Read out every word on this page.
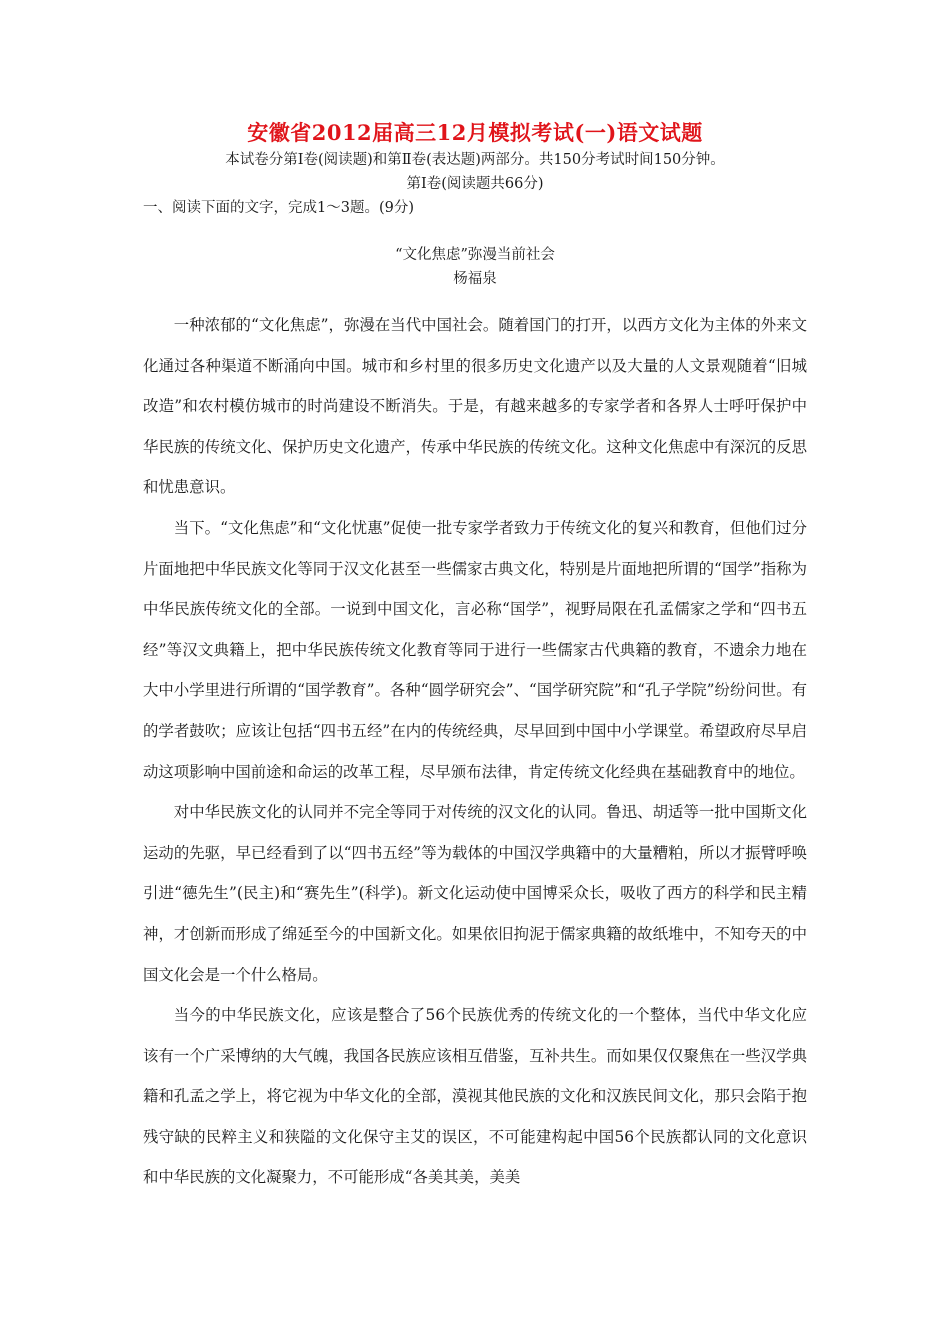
安徽省2012届高三12月模拟考试(一)语文试题

本试卷分第Ⅰ卷(阅读题)和第Ⅱ卷(表达题)两部分。共150分考试时间150分钟。

第Ⅰ卷(阅读题共66分)

一、阅读下面的文字，完成1～3题。(9分)

“文化焦虑”弥漫当前社会

杨福泉

一种浓郁的“文化焦虑”，弥漫在当代中国社会。随着国门的打开，以西方文化为主体的外来文化通过各种渠道不断涌向中国。城市和乡村里的很多历史文化遗产以及大量的人文景观随着“旧城改造”和农村模仿城市的时尚建设不断消失。于是，有越来越多的专家学者和各界人士呼吁保护中华民族的传统文化、保护历史文化遗产，传承中华民族的传统文化。这种文化焦虑中有深沉的反思和忧患意识。

当下。“文化焦虑”和“文化忧惠”促使一批专家学者致力于传统文化的复兴和教育，但他们过分片面地把中华民族文化等同于汉文化甚至一些儒家古典文化，特别是片面地把所谓的“国学”指称为中华民族传统文化的全部。一说到中国文化，言必称“国学”，视野局限在孔孟儒家之学和“四书五经”等汉文典籍上，把中华民族传统文化教育等同于进行一些儒家古代典籍的教育，不遗余力地在大中小学里进行所谓的“国学教育”。各种“圆学研究会”、“国学研究院”和“孔子学院”纷纷问世。有的学者鼓吹；应该让包括“四书五经”在内的传统经典，尽早回到中国中小学课堂。希望政府尽早启动这项影响中国前途和命运的改革工程，尽早颁布法律，肯定传统文化经典在基础教育中的地位。

对中华民族文化的认同并不完全等同于对传统的汉文化的认同。鲁迅、胡适等一批中国斯文化运动的先驱，早已经看到了以“四书五经”等为载体的中国汉学典籍中的大量糟粕，所以才振臂呼唤引进“德先生”(民主)和“赛先生”(科学)。新文化运动使中国博采众长，吸收了西方的科学和民主精神，才创新而形成了绵延至今的中国新文化。如果依旧拘泥于儒家典籍的故纸堆中，不知夸天的中国文化会是一个什么格局。

当今的中华民族文化，应该是整合了56个民族优秀的传统文化的一个整体，当代中华文化应该有一个广采博纳的大气魄，我国各民族应该相互借鉴，互补共生。而如果仅仅聚焦在一些汉学典籍和孔孟之学上，将它视为中华文化的全部，漠视其他民族的文化和汉族民间文化，那只会陷于抱残守缺的民粹主义和狭隘的文化保守主艾的误区，不可能建构起中国56个民族都认同的文化意识和中华民族的文化凝聚力，不可能形成“各美其美，美美
